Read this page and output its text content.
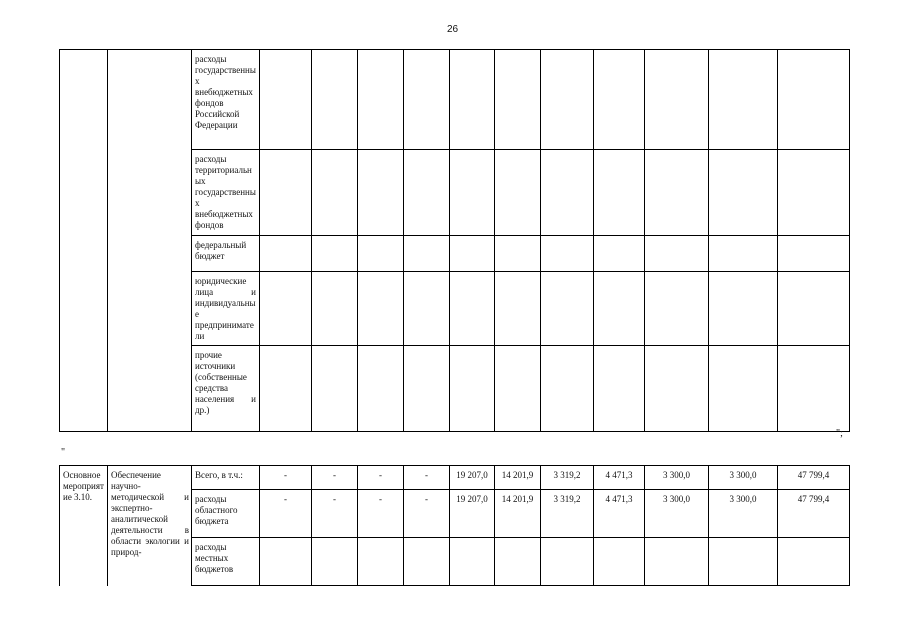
26
		расходы государственных внебюджетных фондов Российской Федерации											
		расходы территориальных государственных внебюджетных фондов											
		федеральный бюджет											
		юридические лица и индивидуальные предприниматели											
		прочие источники (собственные средства населения и др.)											
";
"
Основное мероприятие 3.10.	Обеспечение научно-методической и экспертно-аналитической деятельности в области экологии и природ-	Всего, в т.ч.:	-	-	-	-	19 207,0	14 201,9	3 319,2	4 471,3	3 300,0	3 300,0	47 799,4
		расходы областного бюджета	-	-	-	-	19 207,0	14 201,9	3 319,2	4 471,3	3 300,0	3 300,0	47 799,4
		расходы местных бюджетов											
